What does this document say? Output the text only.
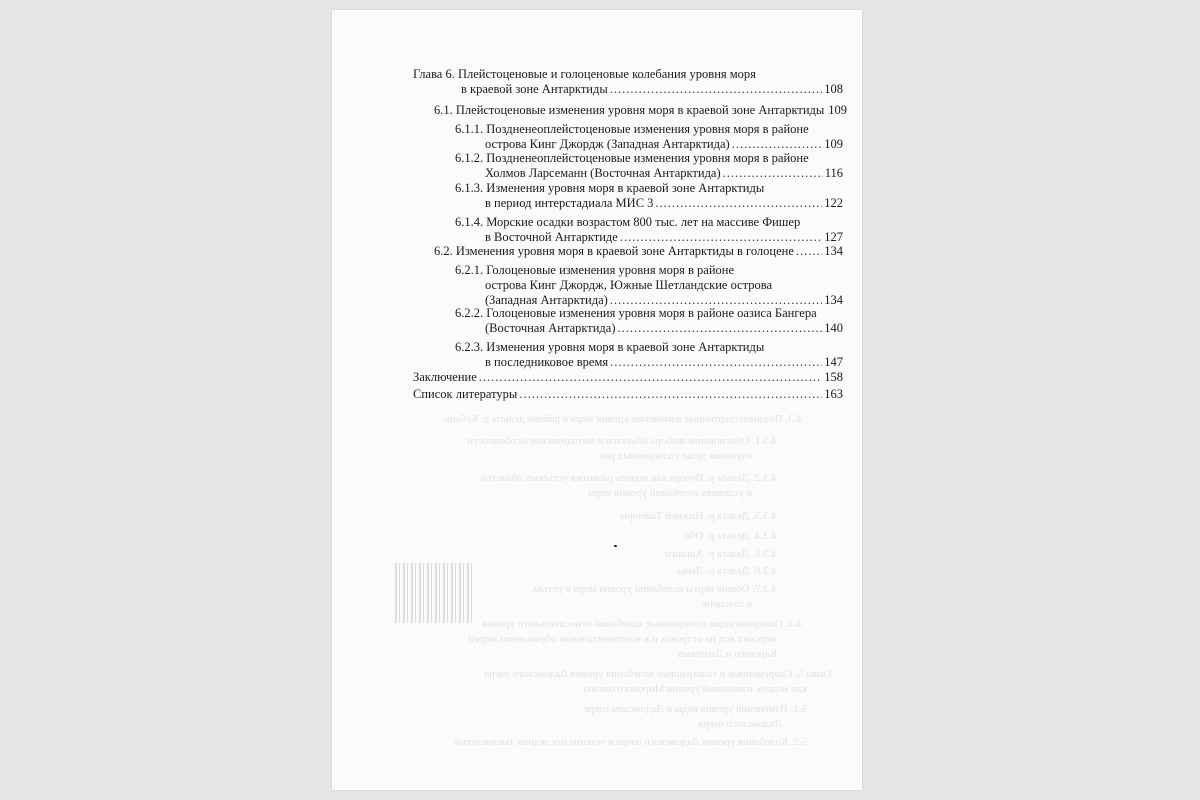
4.3. Позднечетвертичные изменения уровня моря в районе дельты р. Кубань
4.3.1. Обоснование выбора объектов и методические особенности
изучения дельт голоценовых рек
4.3.2. Дельта р. Печора как модель развития устьевых областей
в условиях колебаний уровня моря
4.3.3. Дельта р. Нижней Тайморы
4.3.4. Дельта р. Оби
4.3.5. Дельта р. Хатанги
4.3.6. Дельта р. Лены
4.3.7. Общие черты колебаний уровня моря в устьях
в голоцене
4.4. Синхронизация голоценовых колебаний относительного уровня
морских вод на островах и в континентальном обрамлении морей
Карского и Лаптевых
Глава 5. Современные и голоценовые колебания уровня Ладожского озера
как модель изменений уровня Мирового океана
5.1. Изменения уровня воды в Ладожском озере
Ладожского озера
5.2. Колебания уровня Ладожского озера в течение последних тысячелетий
Глава 6. Плейстоценовые и голоценовые колебания уровня моря
в краевой зоне Антарктиды .....	108
6.1. Плейстоценовые изменения уровня моря в краевой зоне Антарктиды 109
6.1.1. Поздненеоплейстоценовые изменения уровня моря в районе
острова Кинг Джордж (Западная Антарктида) .....	109
6.1.2. Поздненеоплейстоценовые изменения уровня моря в районе
Холмов Ларсеманн (Восточная Антарктида) .....	116
6.1.3. Изменения уровня моря в краевой зоне Антарктиды
в период интерстадиала МИС 3 .....	122
6.1.4. Морские осадки возрастом 800 тыс. лет на массиве Фишер
в Восточной Антарктиде .....	127
6.2. Изменения уровня моря в краевой зоне Антарктиды в голоцене ..... 134
6.2.1. Голоценовые изменения уровня моря в районе
острова Кинг Джордж, Южные Шетландские острова
(Западная Антарктида) .....	134
6.2.2. Голоценовые изменения уровня моря в районе оазиса Бангера
(Восточная Антарктида) .....	140
6.2.3. Изменения уровня моря в краевой зоне Антарктиды
в последниковое время .....	147
Заключение .....	158
Список литературы .....	163
